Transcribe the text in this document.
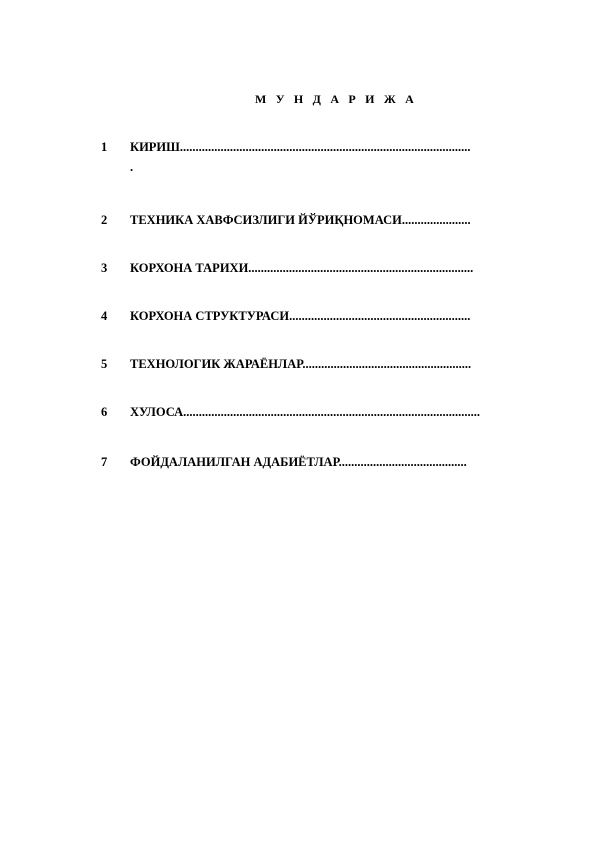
М У Н Д А Р И Ж А
1	КИРИШ.............................................................................................
.
2	ТЕХНИКА ХАВФСИЗЛИГИ ЙЎРИҚНОМАСИ......................
3	КОРХОНА ТАРИХИ........................................................................
4	КОРХОНА СТРУКТУРАСИ..........................................................
5	ТЕХНОЛОГИК ЖАРАЁНЛАР......................................................
6	ХУЛОСА...............................................................................................
7	ФОЙДАЛАНИЛГАН АДАБИЁТЛАР.........................................
